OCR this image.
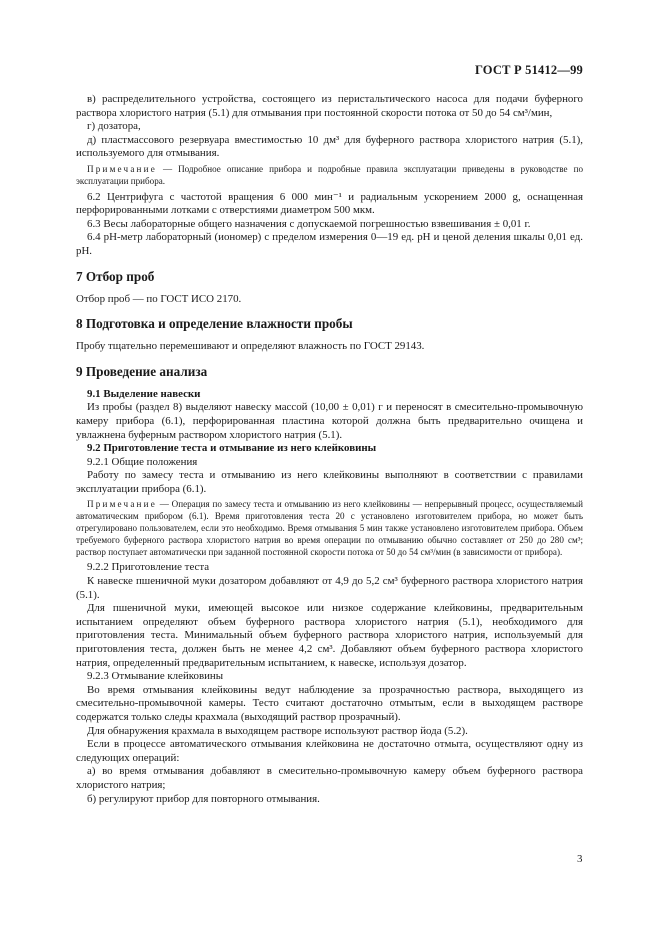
ГОСТ Р 51412—99

в) распределительного устройства, состоящего из перистальтического насоса для подачи буферного раствора хлористого натрия (5.1) для отмывания при постоянной скорости потока от 50 до 54 см³/мин,

г) дозатора,

д) пластмассового резервуара вместимостью 10 дм³ для буферного раствора хлористого натрия (5.1), используемого для отмывания.

Примечание — Подробное описание прибора и подробные правила эксплуатации приведены в руководстве по эксплуатации прибора.

6.2 Центрифуга с частотой вращения 6 000 мин⁻¹ и радиальным ускорением 2000 g, оснащенная перфорированными лотками с отверстиями диаметром 500 мкм.

6.3 Весы лабораторные общего назначения с допускаемой погрешностью взвешивания ± 0,01 г.

6.4 pH-метр лабораторный (иономер) с пределом измерения 0—19 ед. pH и ценой деления шкалы 0,01 ед. pH.

7 Отбор проб

Отбор проб — по ГОСТ ИСО 2170.

8 Подготовка и определение влажности пробы

Пробу тщательно перемешивают и определяют влажность по ГОСТ 29143.

9 Проведение анализа
9.1 Выделение навески

Из пробы (раздел 8) выделяют навеску массой (10,00 ± 0,01) г и переносят в смесительно-промывочную камеру прибора (6.1), перфорированная пластина которой должна быть предварительно очищена и увлажнена буферным раствором хлористого натрия (5.1).

9.2 Приготовление теста и отмывание из него клейковины

9.2.1 Общие положения

Работу по замесу теста и отмыванию из него клейковины выполняют в соответствии с правилами эксплуатации прибора (6.1).

Примечание — Операция по замесу теста и отмыванию из него клейковины — непрерывный процесс, осуществляемый автоматическим прибором (6.1). Время приготовления теста 20 с установлено изготовителем прибора, но может быть отрегулировано пользователем, если это необходимо. Время отмывания 5 мин также установлено изготовителем прибора. Объем требуемого буферного раствора хлористого натрия во время операции по отмыванию обычно составляет от 250 до 280 см³; раствор поступает автоматически при заданной постоянной скорости потока от 50 до 54 см³/мин (в зависимости от прибора).

9.2.2 Приготовление теста

К навеске пшеничной муки дозатором добавляют от 4,9 до 5,2 см³ буферного раствора хлористого натрия (5.1).

Для пшеничной муки, имеющей высокое или низкое содержание клейковины, предварительным испытанием определяют объем буферного раствора хлористого натрия (5.1), необходимого для приготовления теста. Минимальный объем буферного раствора хлористого натрия, используемый для приготовления теста, должен быть не менее 4,2 см³. Добавляют объем буферного раствора хлористого натрия, определенный предварительным испытанием, к навеске, используя дозатор.

9.2.3 Отмывание клейковины

Во время отмывания клейковины ведут наблюдение за прозрачностью раствора, выходящего из смесительно-промывочной камеры. Тесто считают достаточно отмытым, если в выходящем растворе содержатся только следы крахмала (выходящий раствор прозрачный).

Для обнаружения крахмала в выходящем растворе используют раствор йода (5.2).

Если в процессе автоматического отмывания клейковина не достаточно отмыта, осуществляют одну из следующих операций:

а) во время отмывания добавляют в смесительно-промывочную камеру объем буферного раствора хлористого натрия;

б) регулируют прибор для повторного отмывания.

3
